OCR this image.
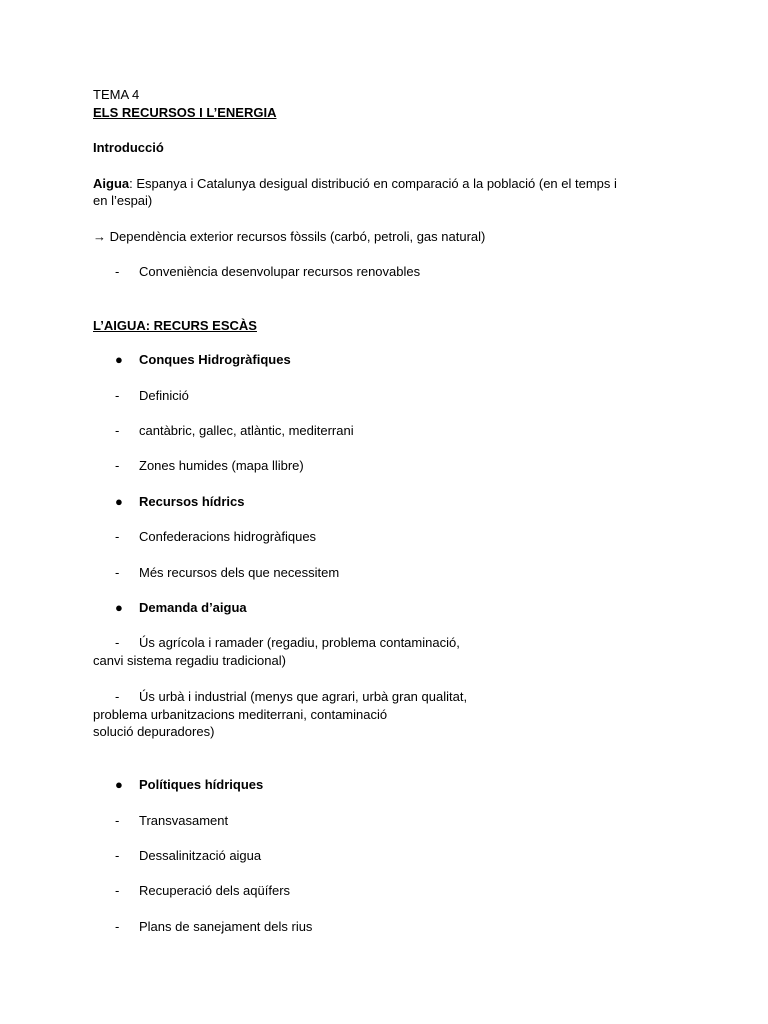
TEMA 4
ELS RECURSOS I L’ENERGIA
Introducció
Aigua: Espanya i Catalunya desigual distribució en comparació a la població (en el temps i
en l’espai)
→ Dependència exterior recursos fòssils (carbó, petroli, gas natural)
- Conveniència desenvolupar recursos renovables
L’AIGUA: RECURS ESCÀS
● Conques Hidrogràfiques
- Definició
- cantàbric, gallec, atlàntic, mediterrani
- Zones humides (mapa llibre)
● Recursos hídrics
- Confederacions hidrogràfiques
- Més recursos dels que necessitem
● Demanda d’aigua
- Ús agrícola i ramader (regadiu, problema contaminació,
canvi sistema regadiu tradicional)
- Ús urbà i industrial (menys que agrari, urbà gran qualitat,
problema urbanitzacions mediterrani, contaminació
solució depuradores)
● Polítiques hídriques
- Transvasament
- Dessalinització aigua
- Recuperació dels aqüífers
- Plans de sanejament dels rius
